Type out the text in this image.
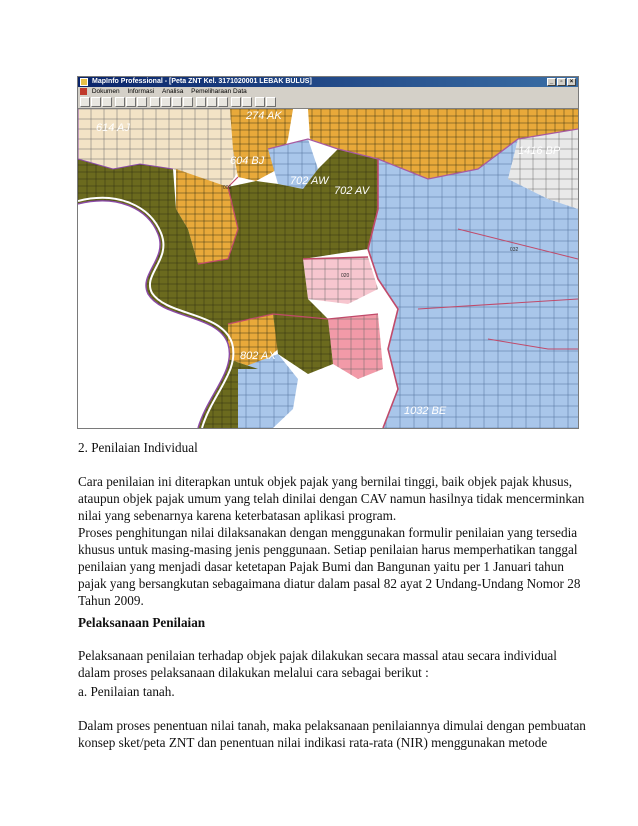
MapInfo Professional - [Peta ZNT Kel. 3171020001 LEBAK BULUS]	_	▫	×
Dokumen Informasi Analisa Pemeliharaan Data
614 AJ
604 BJ
702 AW
702 AV
802 AX
1032 BE
1416 BP
274 AK
009
020
032

2. Penilaian Individual

Cara penilaian ini diterapkan untuk objek pajak yang bernilai tinggi, baik objek pajak khusus,
ataupun objek pajak umum yang telah dinilai dengan CAV namun hasilnya tidak mencerminkan
nilai yang sebenarnya karena keterbatasan aplikasi program.

Proses penghitungan nilai dilaksanakan dengan menggunakan formulir penilaian yang tersedia
khusus untuk masing-masing jenis penggunaan. Setiap penilaian harus memperhatikan tanggal
penilaian yang menjadi dasar ketetapan Pajak Bumi dan Bangunan yaitu per 1 Januari tahun
pajak yang bersangkutan sebagaimana diatur dalam pasal 82 ayat 2 Undang-Undang Nomor 28
Tahun 2009.

Pelaksanaan Penilaian

Pelaksanaan penilaian terhadap objek pajak dilakukan secara massal atau secara individual
dalam proses pelaksanaan dilakukan melalui cara sebagai berikut :

a. Penilaian tanah.

Dalam proses penentuan nilai tanah, maka pelaksanaan penilaiannya dimulai dengan pembuatan
konsep sket/peta ZNT dan penentuan nilai indikasi rata-rata (NIR) menggunakan metode
